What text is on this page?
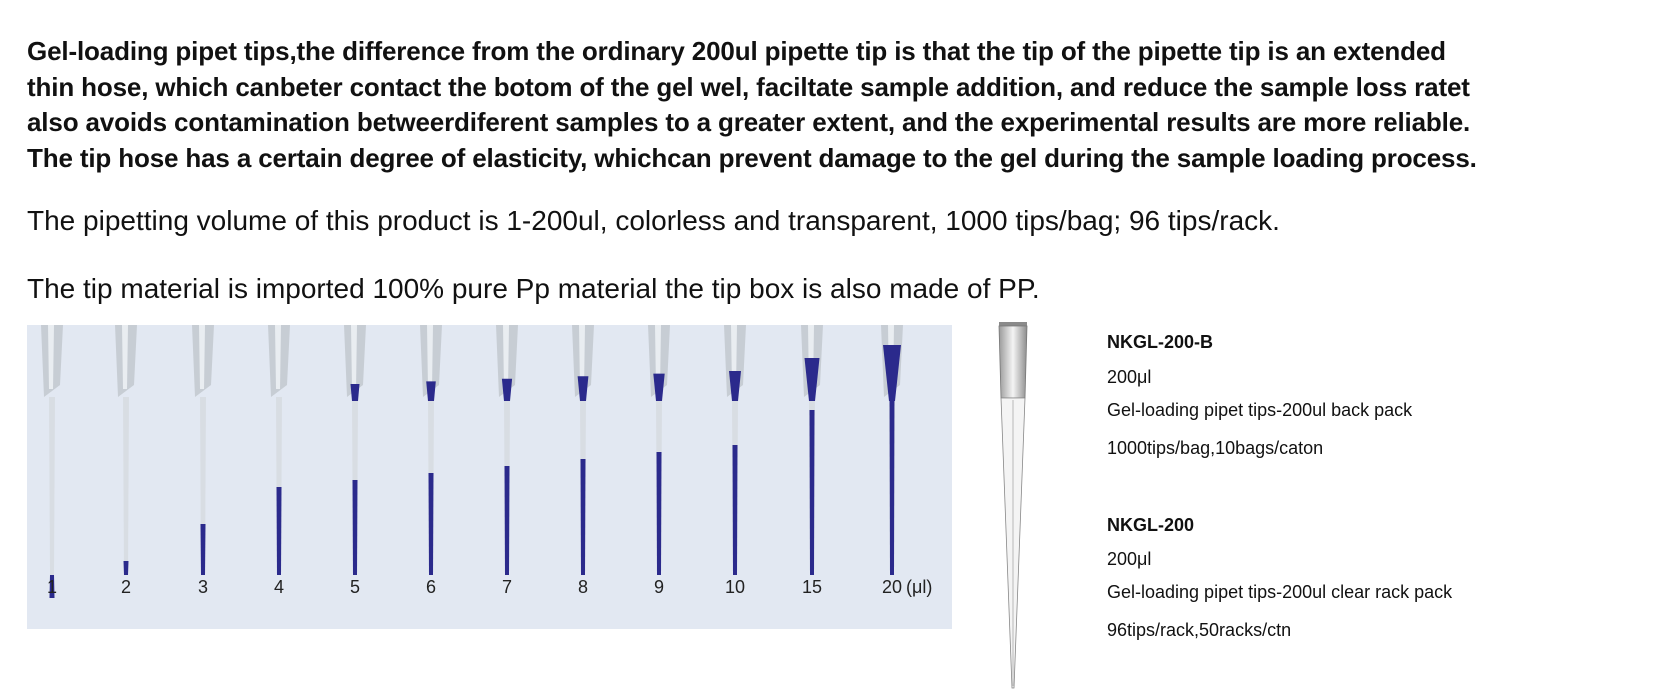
Gel-loading pipet tips,the difference from the ordinary 200ul pipette tip is that the tip of the pipette tip is an extended
thin hose, which canbeter contact the botom of the gel wel, faciltate sample addition, and reduce the sample loss ratet
also avoids contamination betweerdiferent samples to a greater extent, and the experimental results are more reliable.
The tip hose has a certain degree of elasticity, whichcan prevent damage to the gel during the sample loading process.
The pipetting volume of this product is 1-200ul, colorless and transparent, 1000 tips/bag; 96 tips/rack.
The tip material is imported 100% pure Pp material the tip box is also made of PP.
1	2	3	4	5	6	7	8	9	10	15	20 (μl)
NKGL-200-B
200μl
Gel-loading pipet tips-200ul back pack
1000tips/bag,10bags/caton
NKGL-200
200μl
Gel-loading pipet tips-200ul clear rack pack
96tips/rack,50racks/ctn
